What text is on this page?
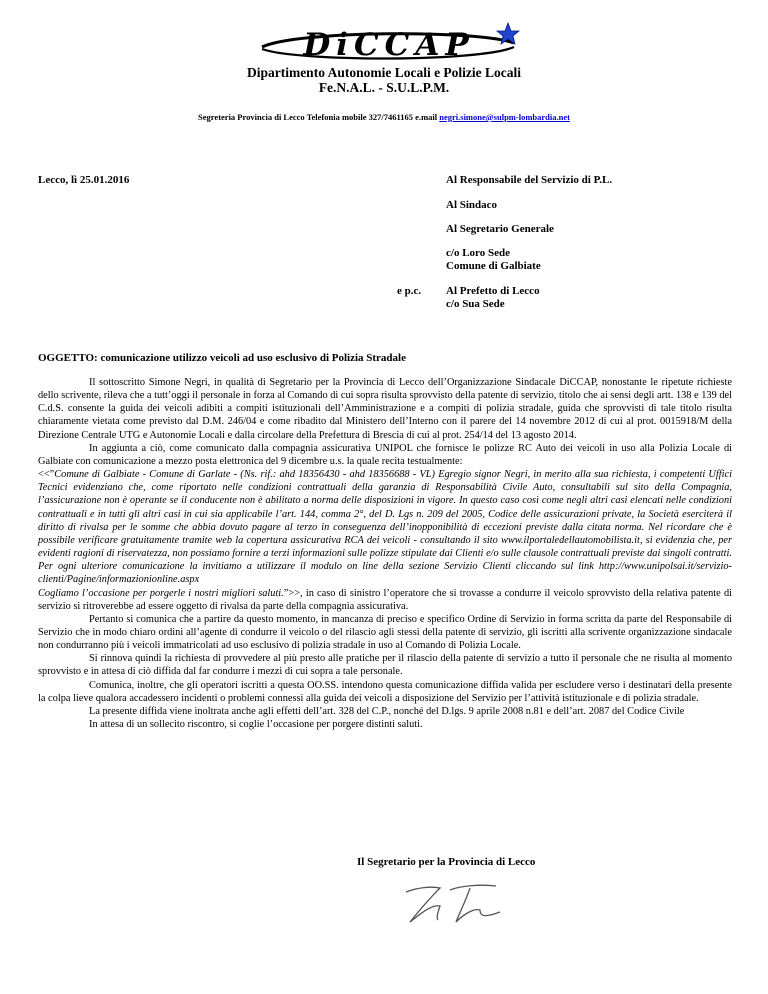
DiCCAP
Dipartimento Autonomie Locali e Polizie Locali
Fe.N.A.L. - S.U.L.P.M.
Segreteria Provincia di Lecco Telefonia mobile 327/7461165 e.mail negri.simone@sulpm-lombardia.net
Lecco, lì 25.01.2016	Al Responsabile del Servizio di P.L.
Al Sindaco
Al Segretario Generale
c/o Loro Sede
Comune di Galbiate
e p.c. Al Prefetto di Lecco
c/o Sua Sede
OGGETTO: comunicazione utilizzo veicoli ad uso esclusivo di Polizia Stradale

Il sottoscritto Simone Negri, in qualità di Segretario per la Provincia di Lecco dell’Organizzazione Sindacale DiCCAP, nonostante le ripetute richieste dello scrivente, rileva che a tutt’oggi il personale in forza al Comando di cui sopra risulta sprovvisto della patente di servizio, titolo che ai sensi degli artt. 138 e 139 del C.d.S. consente la guida dei veicoli adibiti a compiti istituzionali dell’Amministrazione e a compiti di polizia stradale, guida che sprovvisti di tale titolo risulta chiaramente vietata come previsto dal D.M. 246/04 e come ribadito dal Ministero dell’Interno con il parere del 14 novembre 2012 di cui al prot. 0015918/M della Direzione Centrale UTG e Autonomie Locali e dalla circolare della Prefettura di Brescia di cui al prot. 254/14 del 13 agosto 2014.

In aggiunta a ciò, come comunicato dalla compagnia assicurativa UNIPOL che fornisce le polizze RC Auto dei veicoli in uso alla Polizia Locale di Galbiate con comunicazione a mezzo posta elettronica del 9 dicembre u.s. la quale recita testualmente:

<<”Comune di Galbiate - Comune di Garlate - (Ns. rif.: ahd 18356430 - ahd 18356688 - VL) Egregio signor Negri, in merito alla sua richiesta, i competenti Uffici Tecnici evidenziano che, come riportato nelle condizioni contrattuali della garanzia di Responsabilità Civile Auto, consultabili sul sito della Compagnia, l’assicurazione non è operante se il conducente non è abilitato a norma delle disposizioni in vigore. In questo caso così come negli altri casi elencati nelle condizioni contrattuali e in tutti gli altri casi in cui sia applicabile l’art. 144, comma 2°, del D. Lgs n. 209 del 2005, Codice delle assicurazioni private, la Società eserciterà il diritto di rivalsa per le somme che abbia dovuto pagare al terzo in conseguenza dell’inopponibilità di eccezioni previste dalla citata norma. Nel ricordare che è possibile verificare gratuitamente tramite web la copertura assicurativa RCA dei veicoli - consultando il sito www.ilportaledellautomobilista.it, si evidenzia che, per evidenti ragioni di riservatezza, non possiamo fornire a terzi informazioni sulle polizze stipulate dai Clienti e/o sulle clausole contrattuali previste dai singoli contratti. Per ogni ulteriore comunicazione la invitiamo a utilizzare il modulo on line della sezione Servizio Clienti cliccando sul link http://www.unipolsai.it/servizio-clienti/Pagine/informazionionline.aspx

Cogliamo l’occasione per porgerle i nostri migliori saluti.”>>, in caso di sinistro l’operatore che si trovasse a condurre il veicolo sprovvisto della relativa patente di servizio si ritroverebbe ad essere oggetto di rivalsa da parte della compagnia assicurativa.

Pertanto si comunica che a partire da questo momento, in mancanza di preciso e specifico Ordine di Servizio in forma scritta da parte del Responsabile di Servizio che in modo chiaro ordini all’agente di condurre il veicolo o del rilascio agli stessi della patente di servizio, gli iscritti alla scrivente organizzazione sindacale non condurranno più i veicoli immatricolati ad uso esclusivo di polizia stradale in uso al Comando di Polizia Locale.

Si rinnova quindi la richiesta di provvedere al più presto alle pratiche per il rilascio della patente di servizio a tutto il personale che ne risulta al momento sprovvisto e in attesa di ciò diffida dal far condurre i mezzi di cui sopra a tale personale.

Comunica, inoltre, che gli operatori iscritti a questa OO.SS. intendono questa comunicazione diffida valida per escludere verso i destinatari della presente la colpa lieve qualora accadessero incidenti o problemi connessi alla guida dei veicoli a disposizione del Servizio per l’attività istituzionale e di polizia stradale.

La presente diffida viene inoltrata anche agli effetti dell’art. 328 del C.P., nonché del D.lgs. 9 aprile 2008 n.81 e dell’art. 2087 del Codice Civile

In attesa di un sollecito riscontro, si coglie l’occasione per porgere distinti saluti.

Il Segretario per la Provincia di Lecco
